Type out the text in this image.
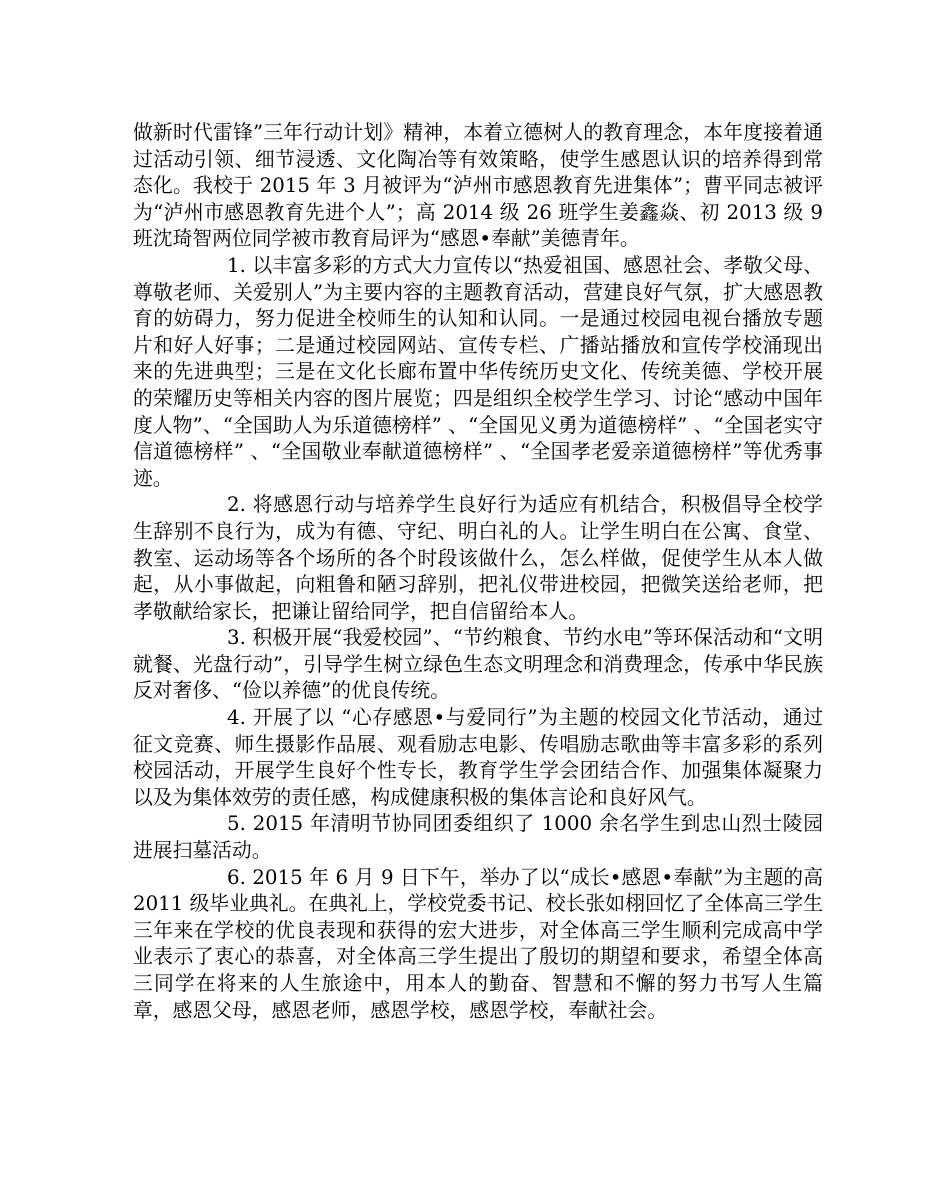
做新时代雷锋”三年行动计划》精神，本着立德树人的教育理念，本年度接着通过活动引领、细节浸透、文化陶冶等有效策略，使学生感恩认识的培养得到常态化。我校于 2015 年 3 月被评为“泸州市感恩教育先进集体”；曹平同志被评为“泸州市感恩教育先进个人”；高 2014 级 26 班学生姜鑫焱、初 2013 级 9 班沈琦智两位同学被市教育局评为“感恩•奉献”美德青年。

1. 以丰富多彩的方式大力宣传以“热爱祖国、感恩社会、孝敬父母、尊敬老师、关爱别人”为主要内容的主题教育活动，营建良好气氛，扩大感恩教育的妨碍力，努力促进全校师生的认知和认同。一是通过校园电视台播放专题片和好人好事；二是通过校园网站、宣传专栏、广播站播放和宣传学校涌现出来的先进典型；三是在文化长廊布置中华传统历史文化、传统美德、学校开展的荣耀历史等相关内容的图片展览；四是组织全校学生学习、讨论“感动中国年度人物”、“全国助人为乐道德榜样” 、“全国见义勇为道德榜样” 、“全国老实守信道德榜样” 、“全国敬业奉献道德榜样” 、“全国孝老爱亲道德榜样”等优秀事迹。

2. 将感恩行动与培养学生良好行为适应有机结合，积极倡导全校学生辞别不良行为，成为有德、守纪、明白礼的人。让学生明白在公寓、食堂、教室、运动场等各个场所的各个时段该做什么，怎么样做，促使学生从本人做起，从小事做起，向粗鲁和陋习辞别，把礼仪带进校园，把微笑送给老师，把孝敬献给家长，把谦让留给同学，把自信留给本人。

3. 积极开展“我爱校园”、“节约粮食、节约水电”等环保活动和“文明就餐、光盘行动”，引导学生树立绿色生态文明理念和消费理念，传承中华民族反对奢侈、“俭以养德”的优良传统。

4. 开展了以 “心存感恩•与爱同行”为主题的校园文化节活动，通过征文竞赛、师生摄影作品展、观看励志电影、传唱励志歌曲等丰富多彩的系列校园活动，开展学生良好个性专长，教育学生学会团结合作、加强集体凝聚力以及为集体效劳的责任感，构成健康积极的集体言论和良好风气。

5. 2015 年清明节协同团委组织了 1000 余名学生到忠山烈士陵园进展扫墓活动。

6. 2015 年 6 月 9 日下午，举办了以“成长•感恩•奉献”为主题的高 2011 级毕业典礼。在典礼上，学校党委书记、校长张如栩回忆了全体高三学生三年来在学校的优良表现和获得的宏大进步，对全体高三学生顺利完成高中学业表示了衷心的恭喜，对全体高三学生提出了殷切的期望和要求，希望全体高三同学在将来的人生旅途中，用本人的勤奋、智慧和不懈的努力书写人生篇章，感恩父母，感恩老师，感恩学校，感恩学校，奉献社会。
